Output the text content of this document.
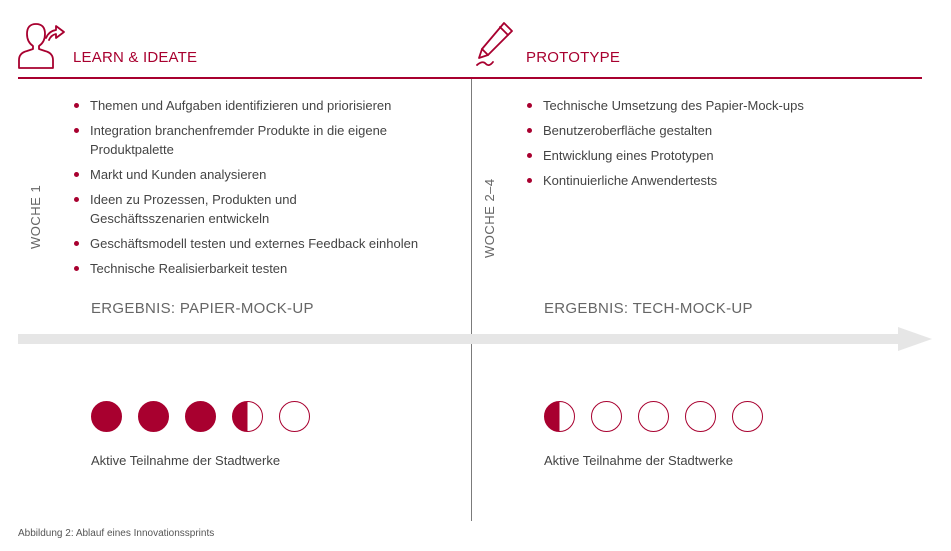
LEARN & IDEATE	PROTOTYPE
WOCHE 1	WOCHE 2–4
Themen und Aufgaben identifizieren und priorisieren
Integration branchenfremder Produkte in die eigene Produktpalette
Markt und Kunden analysieren
Ideen zu Prozessen, Produkten und Geschäftsszenarien entwickeln
Geschäftsmodell testen und externes Feedback einholen
Technische Realisierbarkeit testen
Technische Umsetzung des Papier-Mock-ups
Benutzeroberfläche gestalten
Entwicklung eines Prototypen
Kontinuierliche Anwendertests
ERGEBNIS: PAPIER-MOCK-UP	ERGEBNIS: TECH-MOCK-UP
Aktive Teilnahme der Stadtwerke	Aktive Teilnahme der Stadtwerke
Abbildung 2: Ablauf eines Innovationssprints
